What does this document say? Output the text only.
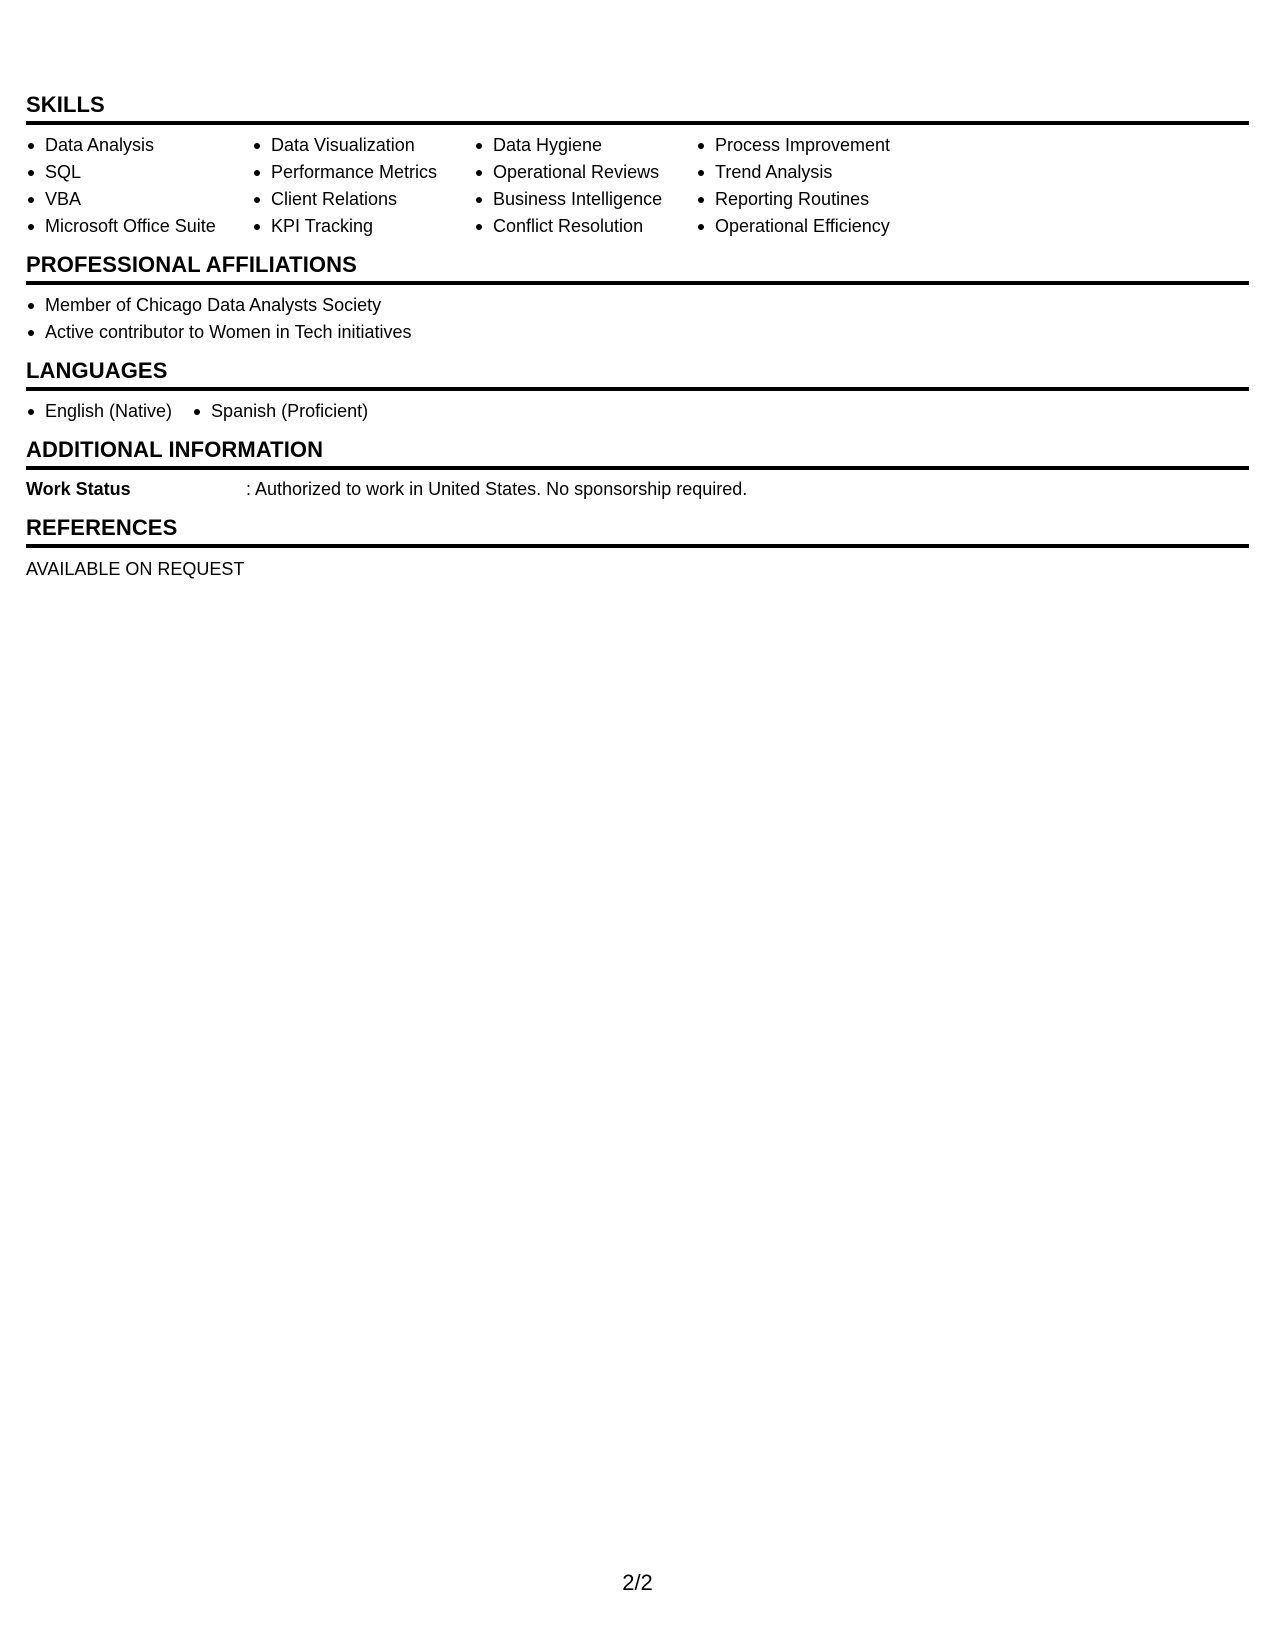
SKILLS
Data Analysis
SQL
VBA
Microsoft Office Suite
Data Visualization
Performance Metrics
Client Relations
KPI Tracking
Data Hygiene
Operational Reviews
Business Intelligence
Conflict Resolution
Process Improvement
Trend Analysis
Reporting Routines
Operational Efficiency
PROFESSIONAL AFFILIATIONS
Member of Chicago Data Analysts Society
Active contributor to Women in Tech initiatives
LANGUAGES
English (Native)	Spanish (Proficient)
ADDITIONAL INFORMATION
Work Status	: Authorized to work in United States. No sponsorship required.
REFERENCES
AVAILABLE ON REQUEST
2/2
